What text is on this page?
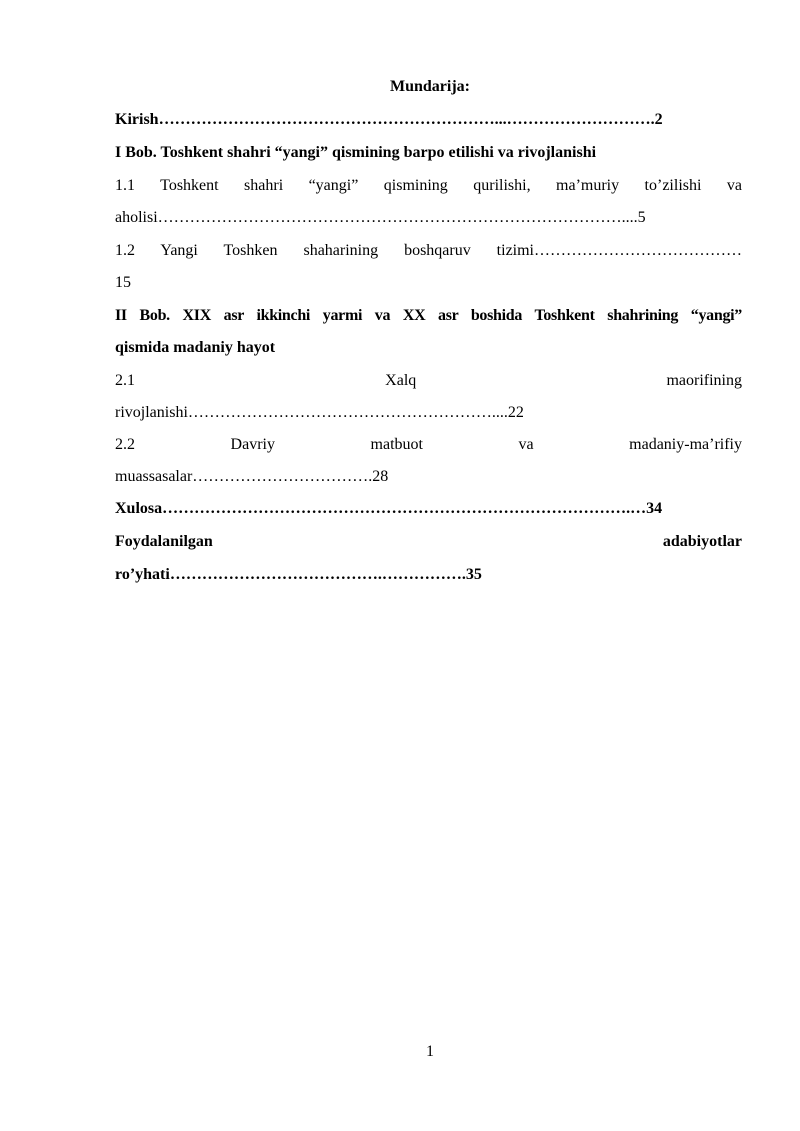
Mundarija:
Kirish………………………………………………………...……………………….2
I Bob. Toshkent shahri “yangi” qismining barpo etilishi va rivojlanishi
1.1 Toshkent shahri “yangi” qismining qurilishi, ma’muriy to’zilishi va
aholisi……………………………………………………………………………....5
1.2 Yangi Toshken shaharining boshqaruv tizimi…………………………………
15
II Bob. XIX asr ikkinchi yarmi va XX asr boshida Toshkent shahrining “yangi”
qismida madaniy hayot
2.1 Xalq maorifining
rivojlanishi…………………………………………………....22
2.2 Davriy matbuot va madaniy-ma’rifiy
muassasalar…………………………….28
Xulosa…………………………………………………………………………….…34
Foydalanilgan adabiyotlar
ro’yhati………………………………….…………….35
1
